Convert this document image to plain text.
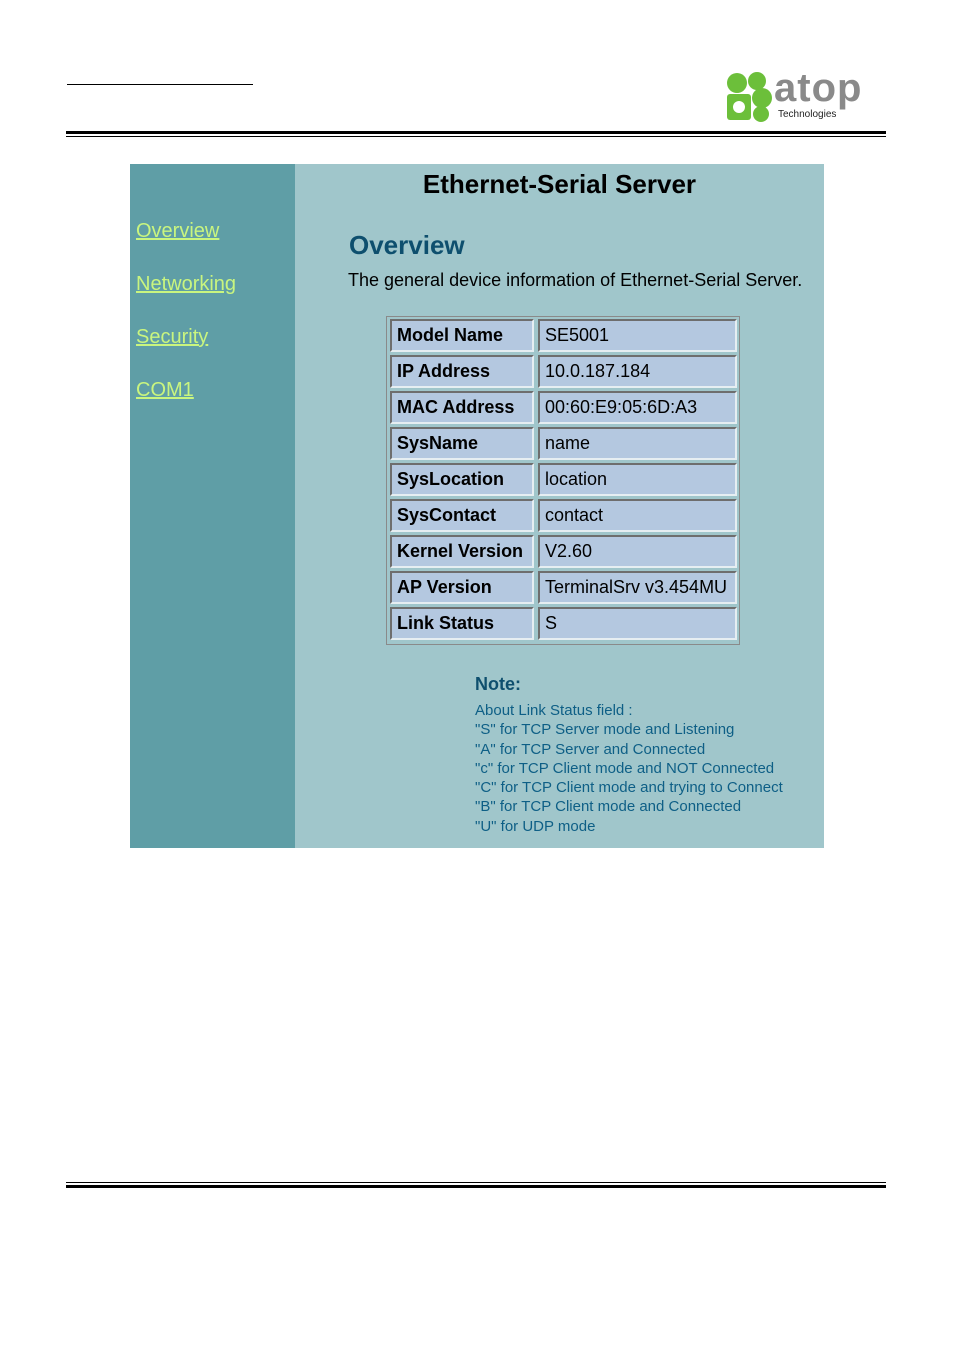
atop
Technologies
Overview
Networking
Security
COM1
Ethernet-Serial Server
Overview
The general device information of Ethernet-Serial Server.
Model Name	SE5001
IP Address	10.0.187.184
MAC Address	00:60:E9:05:6D:A3
SysName	name
SysLocation	location
SysContact	contact
Kernel Version	V2.60
AP Version	TerminalSrv v3.454MU
Link Status	S
Note:
About Link Status field :
"S" for TCP Server mode and Listening
"A" for TCP Server and Connected
"c" for TCP Client mode and NOT Connected
"C" for TCP Client mode and trying to Connect
"B" for TCP Client mode and Connected
"U" for UDP mode
